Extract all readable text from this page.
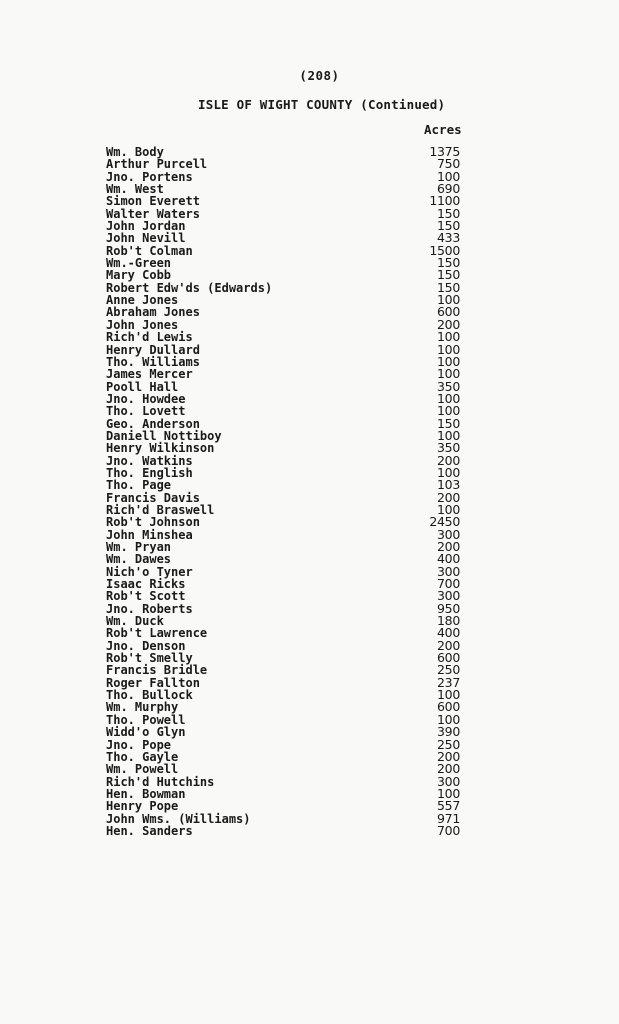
(208)
ISLE OF WIGHT COUNTY (Continued)
Acres
Wm. Body	1375
Arthur Purcell	750
Jno. Portens	100
Wm. West	690
Simon Everett	1100
Walter Waters	150
John Jordan	150
John Nevill	433
Rob't Colman	1500
Wm.-Green	150
Mary Cobb	150
Robert Edw'ds (Edwards)	150
Anne Jones	100
Abraham Jones	600
John Jones	200
Rich'd Lewis	100
Henry Dullard	100
Tho. Williams	100
James Mercer	100
Pooll Hall	350
Jno. Howdee	100
Tho. Lovett	100
Geo. Anderson	150
Daniell Nottiboy	100
Henry Wilkinson	350
Jno. Watkins	200
Tho. English	100
Tho. Page	103
Francis Davis	200
Rich'd Braswell	100
Rob't Johnson	2450
John Minshea	300
Wm. Pryan	200
Wm. Dawes	400
Nich'o Tyner	300
Isaac Ricks	700
Rob't Scott	300
Jno. Roberts	950
Wm. Duck	180
Rob't Lawrence	400
Jno. Denson	200
Rob't Smelly	600
Francis Bridle	250
Roger Fallton	237
Tho. Bullock	100
Wm. Murphy	600
Tho. Powell	100
Widd'o Glyn	390
Jno. Pope	250
Tho. Gayle	200
Wm. Powell	200
Rich'd Hutchins	300
Hen. Bowman	100
Henry Pope	557
John Wms. (Williams)	971
Hen. Sanders	700
